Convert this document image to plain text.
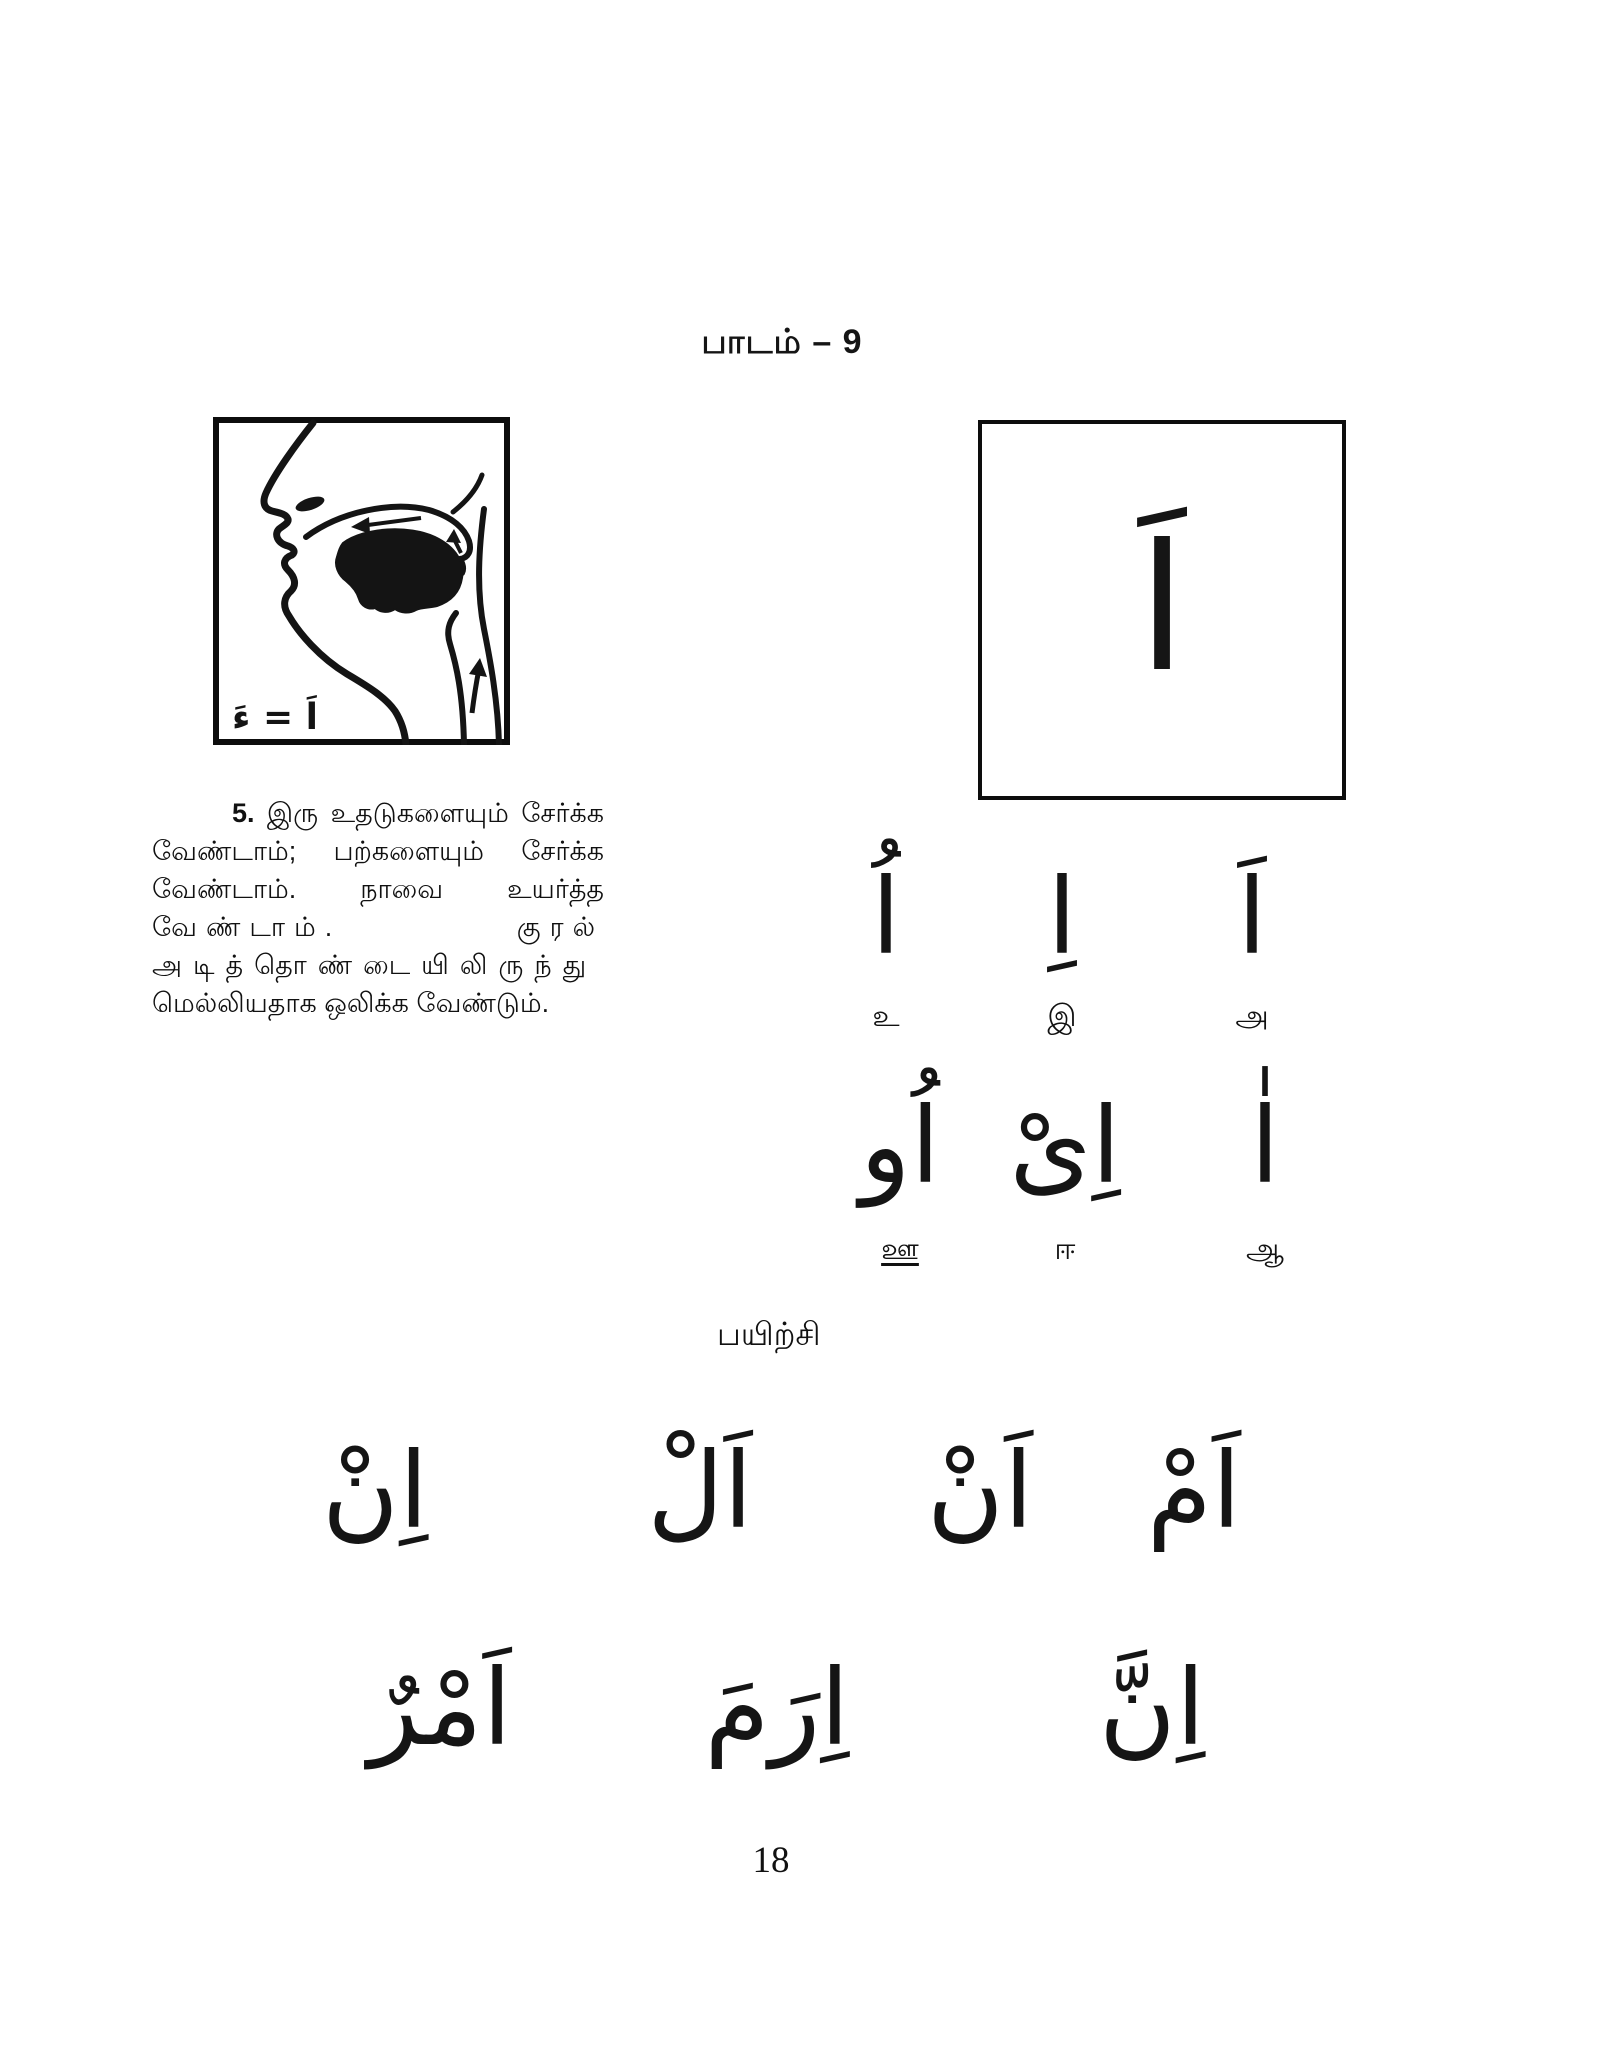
பாடம் – 9
اَ = ءَ
5. இரு உதடுகளையும் சேர்க்க
வேண்டாம்; பற்களையும் சேர்க்க
வேண்டாம். நாவை உயர்த்த
வேண்டாம். குரல்
அடித்தொண்டையிலிருந்து
மெல்லியதாக ஒலிக்க வேண்டும்.
اَ
اُ
உ
اِ
இ
اَ
அ
اُو
ஊ
اِىْ
ஈ
اٰ
ஆ
பயிற்சி
اِنْ اَلْ اَنْ اَمْ
اَمْرٌ اِرَمَ اِنَّ
18
